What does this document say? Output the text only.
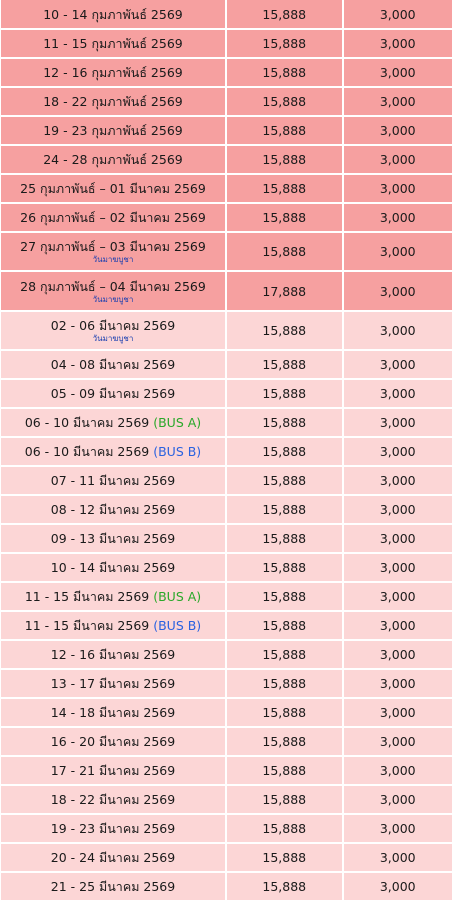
10 - 14 กุมภาพันธ์ 2569	15,888	3,000
11 - 15 กุมภาพันธ์ 2569	15,888	3,000
12 - 16 กุมภาพันธ์ 2569	15,888	3,000
18 - 22 กุมภาพันธ์ 2569	15,888	3,000
19 - 23 กุมภาพันธ์ 2569	15,888	3,000
24 - 28 กุมภาพันธ์ 2569	15,888	3,000
25 กุมภาพันธ์ – 01 มีนาคม 2569	15,888	3,000
26 กุมภาพันธ์ – 02 มีนาคม 2569	15,888	3,000
27 กุมภาพันธ์ – 03 มีนาคม 2569
วันมาฆบูชา	15,888	3,000
28 กุมภาพันธ์ – 04 มีนาคม 2569
วันมาฆบูชา	17,888	3,000
02 - 06 มีนาคม 2569
วันมาฆบูชา	15,888	3,000
04 - 08 มีนาคม 2569	15,888	3,000
05 - 09 มีนาคม 2569	15,888	3,000
06 - 10 มีนาคม 2569 (BUS A)	15,888	3,000
06 - 10 มีนาคม 2569 (BUS B)	15,888	3,000
07 - 11 มีนาคม 2569	15,888	3,000
08 - 12 มีนาคม 2569	15,888	3,000
09 - 13 มีนาคม 2569	15,888	3,000
10 - 14 มีนาคม 2569	15,888	3,000
11 - 15 มีนาคม 2569 (BUS A)	15,888	3,000
11 - 15 มีนาคม 2569 (BUS B)	15,888	3,000
12 - 16 มีนาคม 2569	15,888	3,000
13 - 17 มีนาคม 2569	15,888	3,000
14 - 18 มีนาคม 2569	15,888	3,000
16 - 20 มีนาคม 2569	15,888	3,000
17 - 21 มีนาคม 2569	15,888	3,000
18 - 22 มีนาคม 2569	15,888	3,000
19 - 23 มีนาคม 2569	15,888	3,000
20 - 24 มีนาคม 2569	15,888	3,000
21 - 25 มีนาคม 2569	15,888	3,000
